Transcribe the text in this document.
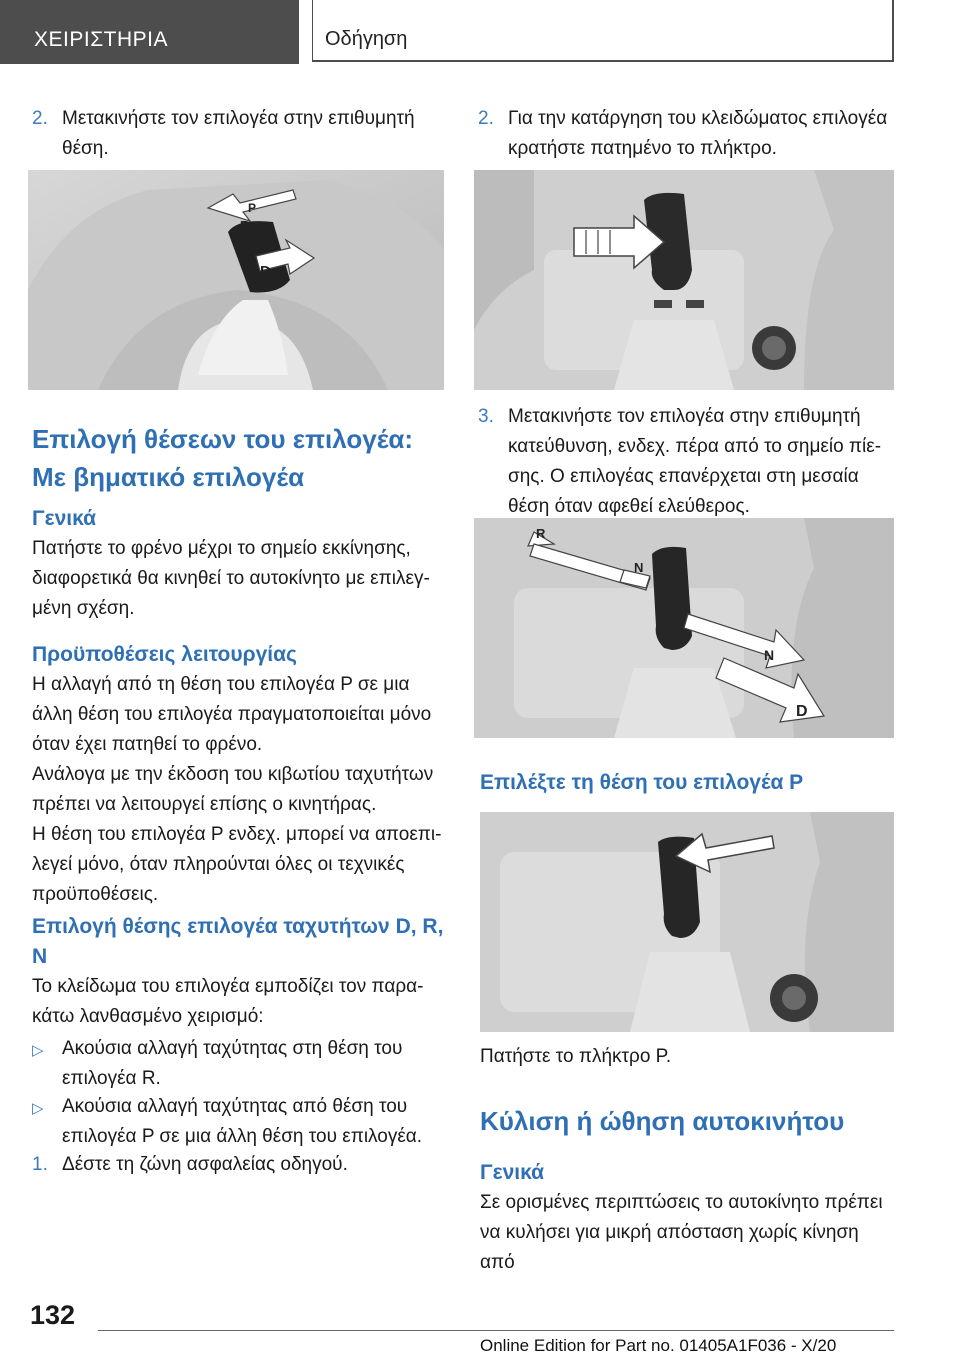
ΧΕΙΡΙΣΤΗΡΙΑ	Οδήγηση
2. Μετακινήστε τον επιλογέα στην επιθυμητή θέση.
P
R
N
D
Επιλογή θέσεων του επιλογέα: Με βηματικό επιλογέα
Γενικά
Πατήστε το φρένο μέχρι το σημείο εκκίνησης, διαφορετικά θα κινηθεί το αυτοκίνητο με επιλεγ- μένη σχέση.
Προϋποθέσεις λειτουργίας
Η αλλαγή από τη θέση του επιλογέα P σε μια άλλη θέση του επιλογέα πραγματοποιείται μόνο όταν έχει πατηθεί το φρένο.
Ανάλογα με την έκδοση του κιβωτίου ταχυτήτων πρέπει να λειτουργεί επίσης ο κινητήρας.
Η θέση του επιλογέα P ενδεχ. μπορεί να αποεπι- λεγεί μόνο, όταν πληρούνται όλες οι τεχνικές προϋποθέσεις.
Επιλογή θέσης επιλογέα ταχυτήτων D, R, N
Το κλείδωμα του επιλογέα εμποδίζει τον παρα- κάτω λανθασμένο χειρισμό:
▷ Ακούσια αλλαγή ταχύτητας στη θέση του επιλογέα R.
▷ Ακούσια αλλαγή ταχύτητας από θέση του επιλογέα P σε μια άλλη θέση του επιλογέα.
1. Δέστε τη ζώνη ασφαλείας οδηγού.
2. Για την κατάργηση του κλειδώματος επιλογέα κρατήστε πατημένο το πλήκτρο.
3. Μετακινήστε τον επιλογέα στην επιθυμητή κατεύθυνση, ενδεχ. πέρα από το σημείο πίε- σης. Ο επιλογέας επανέρχεται στη μεσαία θέση όταν αφεθεί ελεύθερος.
R
N
N
D
Επιλέξτε τη θέση του επιλογέα P
Πατήστε το πλήκτρο P.
Κύλιση ή ώθηση αυτοκινήτου
Γενικά
Σε ορισμένες περιπτώσεις το αυτοκίνητο πρέπει να κυλήσει για μικρή απόσταση χωρίς κίνηση από
132
Online Edition for Part no. 01405A1F036 - X/20
